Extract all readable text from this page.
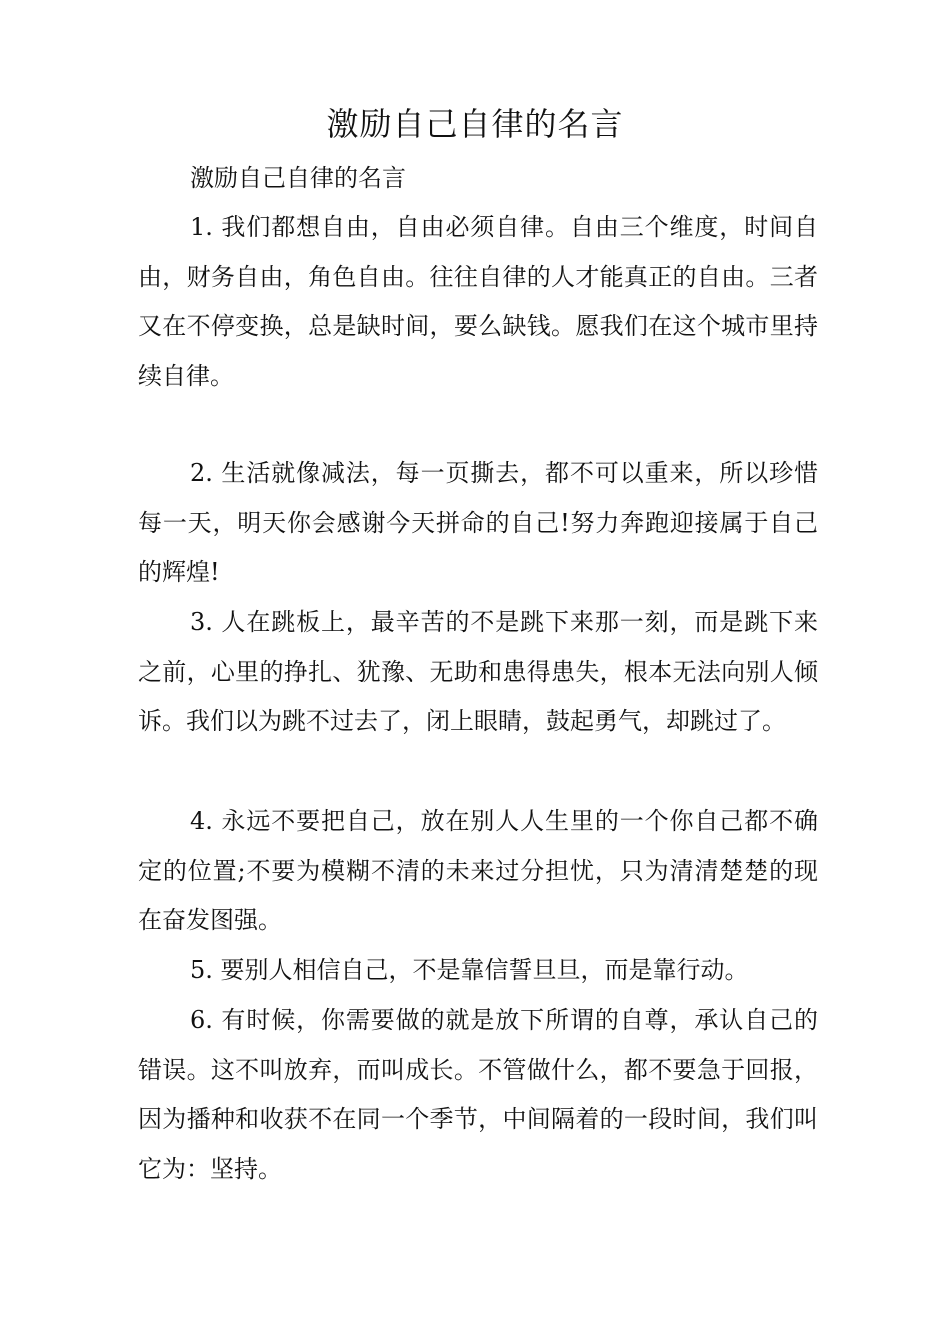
激励自己自律的名言
激励自己自律的名言

1. 我们都想自由，自由必须自律。自由三个维度，时间自由，财务自由，角色自由。往往自律的人才能真正的自由。三者又在不停变换，总是缺时间，要么缺钱。愿我们在这个城市里持续自律。

2. 生活就像减法，每一页撕去，都不可以重来，所以珍惜每一天，明天你会感谢今天拼命的自己!努力奔跑迎接属于自己的辉煌!

3. 人在跳板上，最辛苦的不是跳下来那一刻，而是跳下来之前，心里的挣扎、犹豫、无助和患得患失，根本无法向别人倾诉。我们以为跳不过去了，闭上眼睛，鼓起勇气，却跳过了。

4. 永远不要把自己，放在别人人生里的一个你自己都不确定的位置;不要为模糊不清的未来过分担忧，只为清清楚楚的现在奋发图强。

5. 要别人相信自己，不是靠信誓旦旦，而是靠行动。

6. 有时候，你需要做的就是放下所谓的自尊，承认自己的错误。这不叫放弃，而叫成长。不管做什么，都不要急于回报，因为播种和收获不在同一个季节，中间隔着的一段时间，我们叫它为：坚持。
